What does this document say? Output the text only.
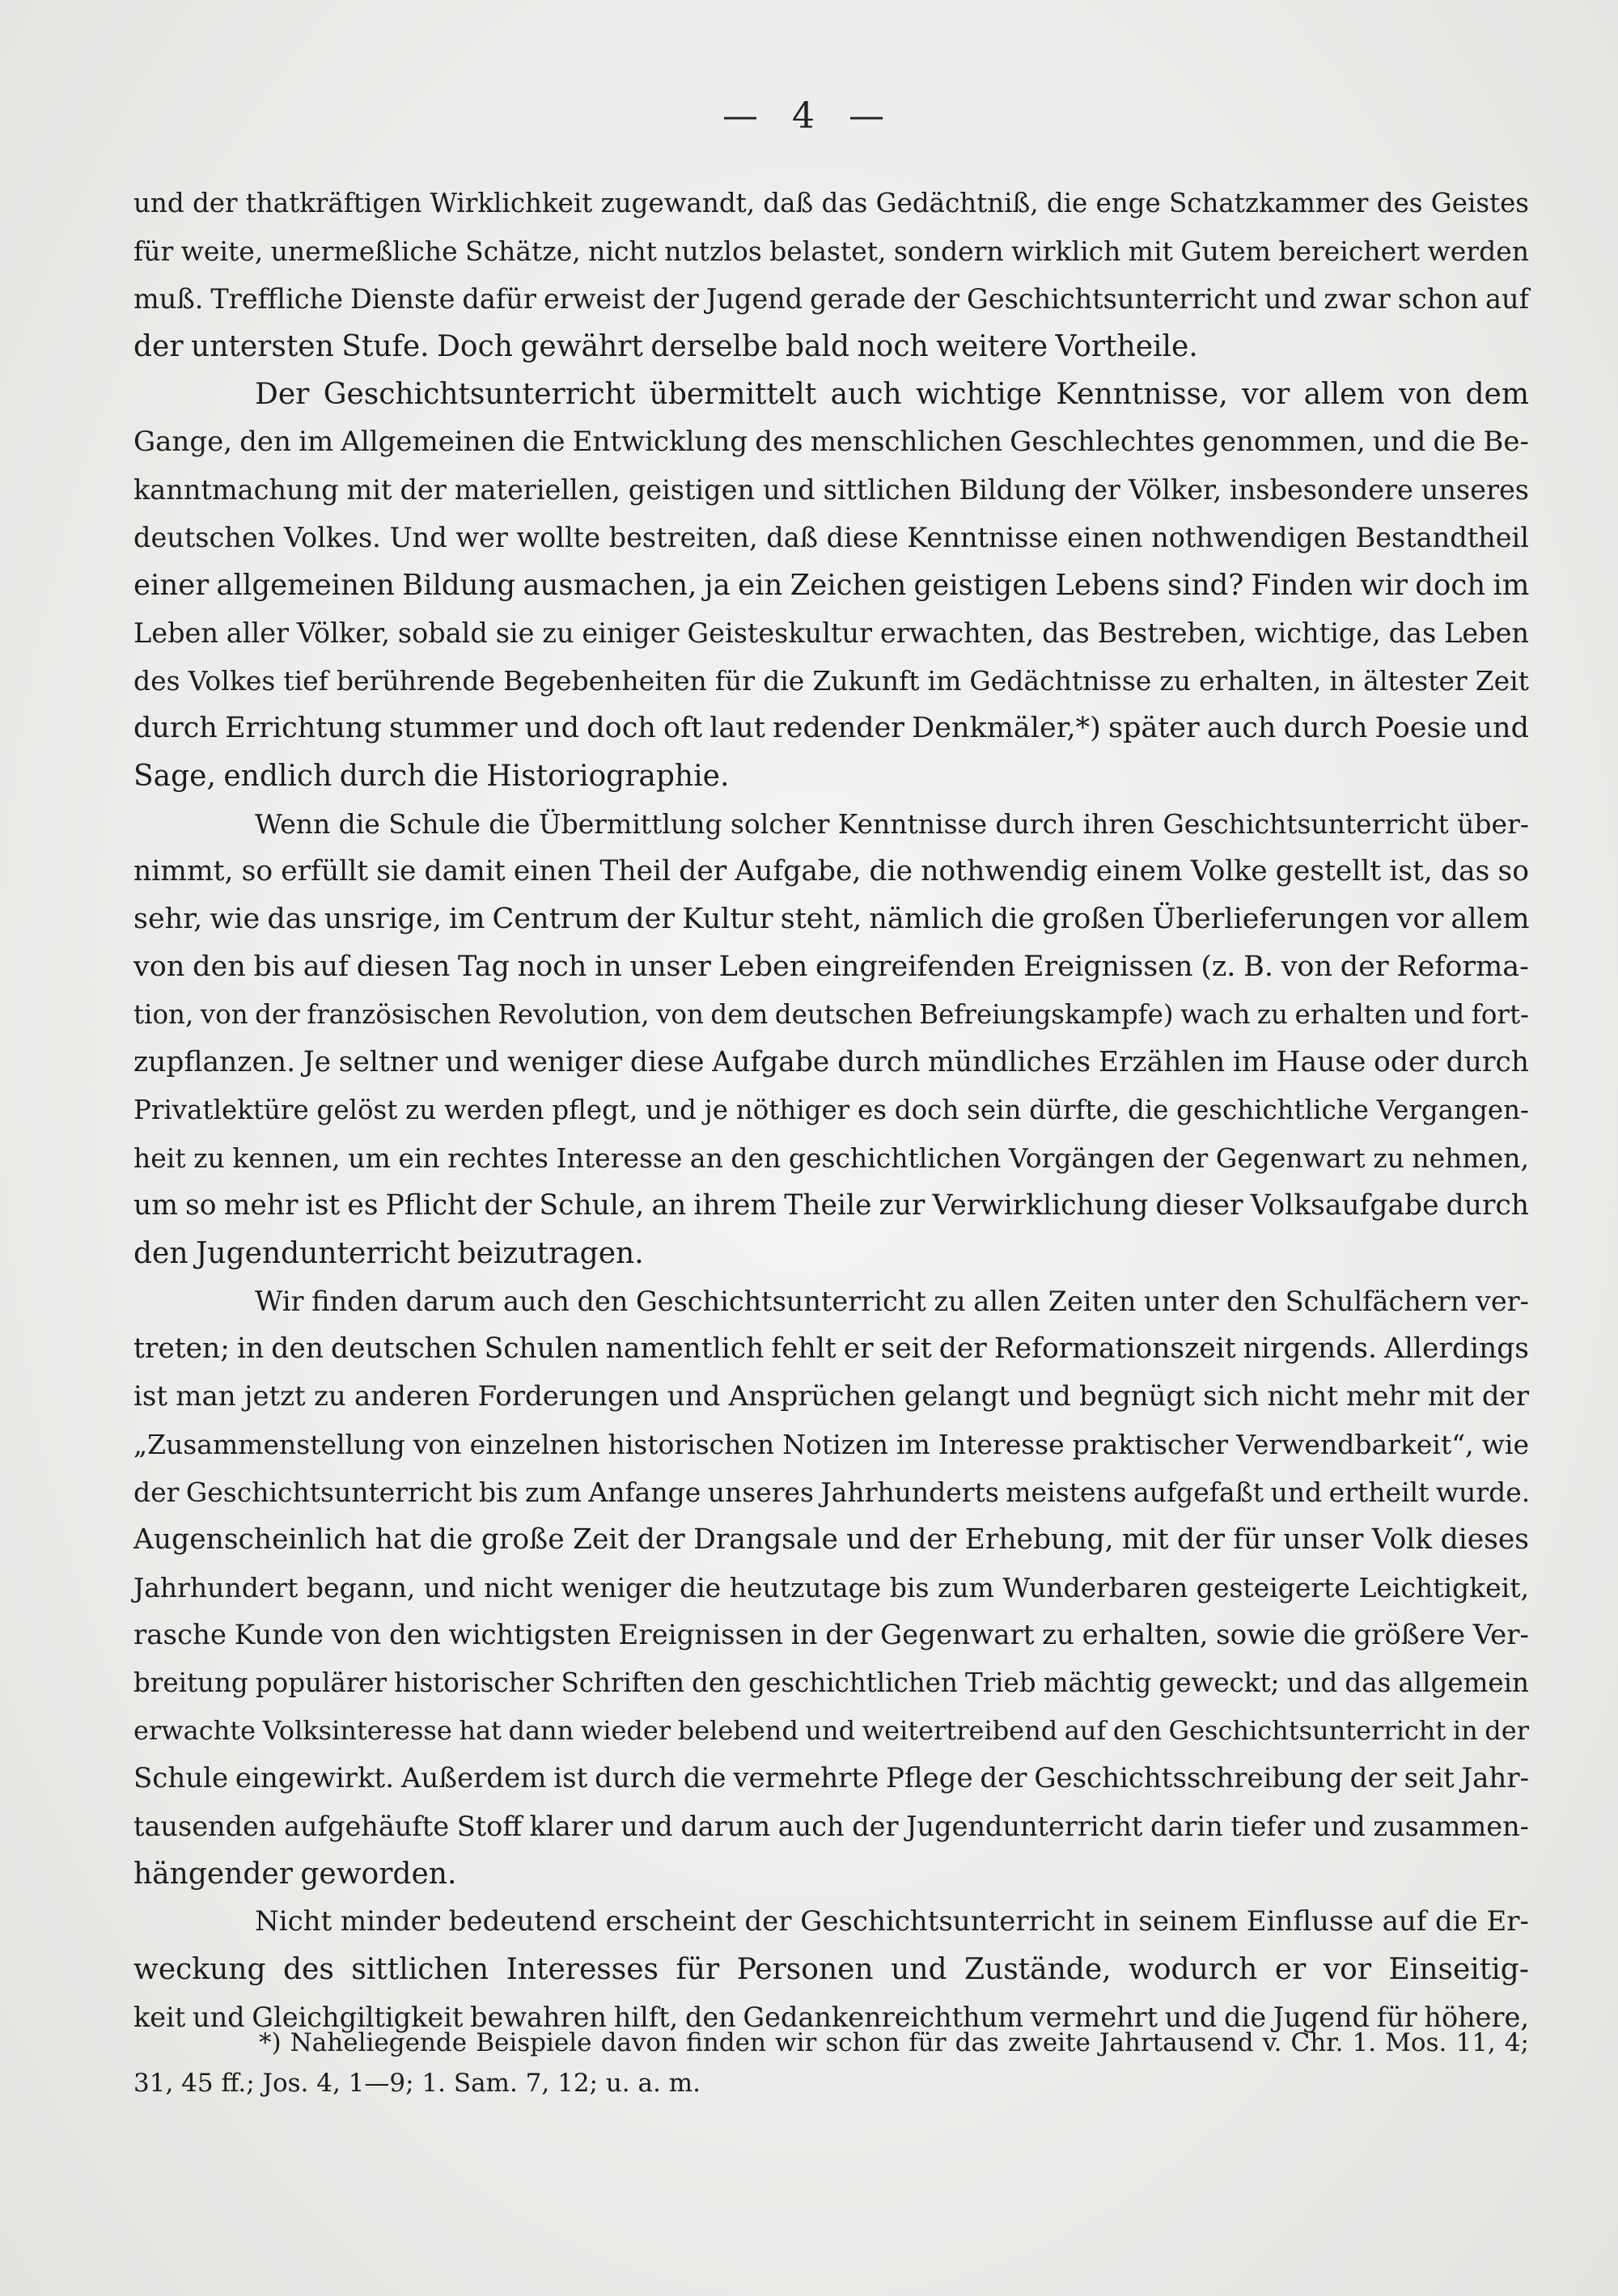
— 4 —
und der thatkräftigen Wirklichkeit zugewandt, daß das Gedächtniß, die enge Schatzkammer des Geistes
für weite, unermeßliche Schätze, nicht nutzlos belastet, sondern wirklich mit Gutem bereichert werden
muß. Treffliche Dienste dafür erweist der Jugend gerade der Geschichtsunterricht und zwar schon auf
der untersten Stufe. Doch gewährt derselbe bald noch weitere Vortheile.
Der Geschichtsunterricht übermittelt auch wichtige Kenntnisse, vor allem von dem
Gange, den im Allgemeinen die Entwicklung des menschlichen Geschlechtes genommen, und die Be-
kanntmachung mit der materiellen, geistigen und sittlichen Bildung der Völker, insbesondere unseres
deutschen Volkes. Und wer wollte bestreiten, daß diese Kenntnisse einen nothwendigen Bestandtheil
einer allgemeinen Bildung ausmachen, ja ein Zeichen geistigen Lebens sind? Finden wir doch im
Leben aller Völker, sobald sie zu einiger Geisteskultur erwachten, das Bestreben, wichtige, das Leben
des Volkes tief berührende Begebenheiten für die Zukunft im Gedächtnisse zu erhalten, in ältester Zeit
durch Errichtung stummer und doch oft laut redender Denkmäler,*) später auch durch Poesie und
Sage, endlich durch die Historiographie.
Wenn die Schule die Übermittlung solcher Kenntnisse durch ihren Geschichtsunterricht über-
nimmt, so erfüllt sie damit einen Theil der Aufgabe, die nothwendig einem Volke gestellt ist, das so
sehr, wie das unsrige, im Centrum der Kultur steht, nämlich die großen Überlieferungen vor allem
von den bis auf diesen Tag noch in unser Leben eingreifenden Ereignissen (z. B. von der Reforma-
tion, von der französischen Revolution, von dem deutschen Befreiungskampfe) wach zu erhalten und fort-
zupflanzen. Je seltner und weniger diese Aufgabe durch mündliches Erzählen im Hause oder durch
Privatlektüre gelöst zu werden pflegt, und je nöthiger es doch sein dürfte, die geschichtliche Vergangen-
heit zu kennen, um ein rechtes Interesse an den geschichtlichen Vorgängen der Gegenwart zu nehmen,
um so mehr ist es Pflicht der Schule, an ihrem Theile zur Verwirklichung dieser Volksaufgabe durch
den Jugendunterricht beizutragen.
Wir finden darum auch den Geschichtsunterricht zu allen Zeiten unter den Schulfächern ver-
treten; in den deutschen Schulen namentlich fehlt er seit der Reformationszeit nirgends. Allerdings
ist man jetzt zu anderen Forderungen und Ansprüchen gelangt und begnügt sich nicht mehr mit der
„Zusammenstellung von einzelnen historischen Notizen im Interesse praktischer Verwendbarkeit“, wie
der Geschichtsunterricht bis zum Anfange unseres Jahrhunderts meistens aufgefaßt und ertheilt wurde.
Augenscheinlich hat die große Zeit der Drangsale und der Erhebung, mit der für unser Volk dieses
Jahrhundert begann, und nicht weniger die heutzutage bis zum Wunderbaren gesteigerte Leichtigkeit,
rasche Kunde von den wichtigsten Ereignissen in der Gegenwart zu erhalten, sowie die größere Ver-
breitung populärer historischer Schriften den geschichtlichen Trieb mächtig geweckt; und das allgemein
erwachte Volksinteresse hat dann wieder belebend und weitertreibend auf den Geschichtsunterricht in der
Schule eingewirkt. Außerdem ist durch die vermehrte Pflege der Geschichtsschreibung der seit Jahr-
tausenden aufgehäufte Stoff klarer und darum auch der Jugendunterricht darin tiefer und zusammen-
hängender geworden.
Nicht minder bedeutend erscheint der Geschichtsunterricht in seinem Einflusse auf die Er-
weckung des sittlichen Interesses für Personen und Zustände, wodurch er vor Einseitig-
keit und Gleichgiltigkeit bewahren hilft, den Gedankenreichthum vermehrt und die Jugend für höhere,
*) Naheliegende Beispiele davon finden wir schon für das zweite Jahrtausend v. Chr. 1. Mos. 11, 4;
31, 45 ff.; Jos. 4, 1—9; 1. Sam. 7, 12; u. a. m.
